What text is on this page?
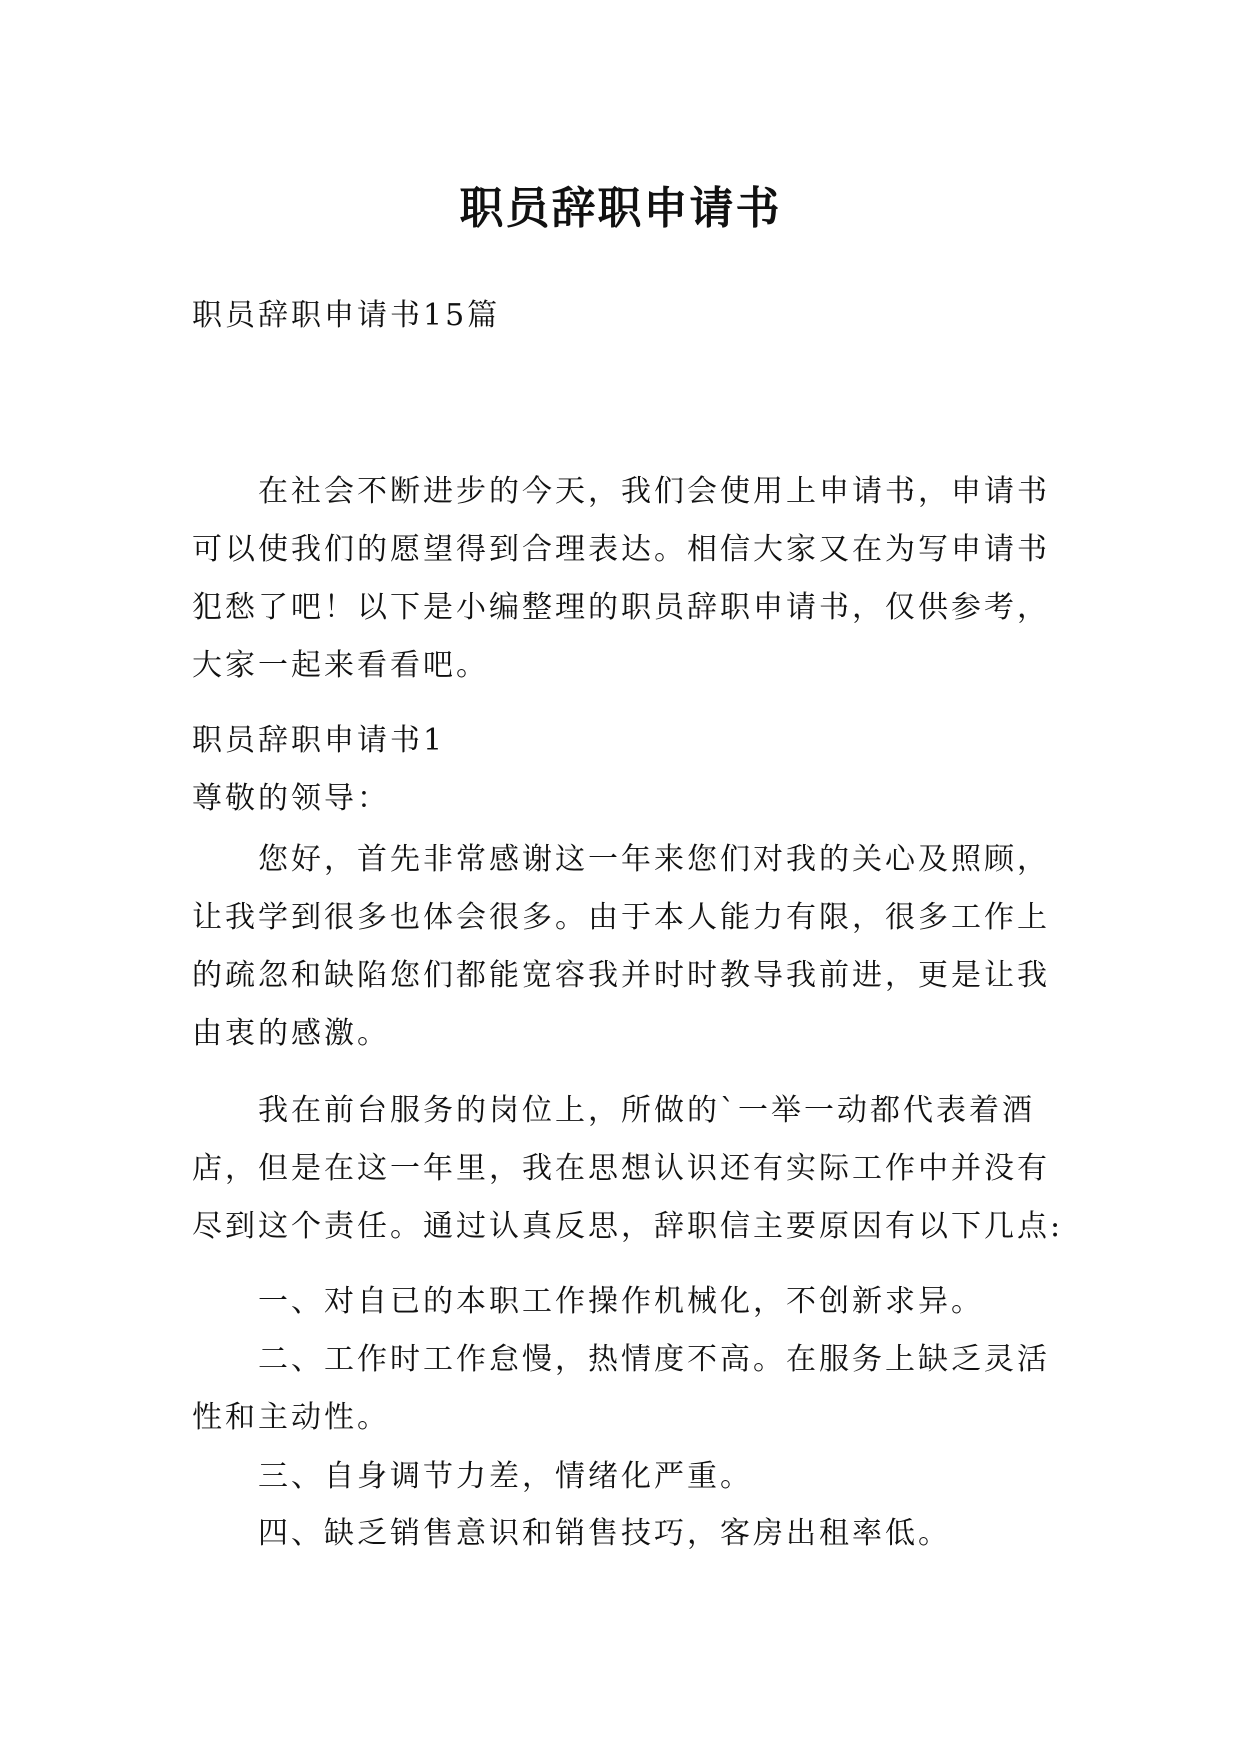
职员辞职申请书

职员辞职申请书15篇

在社会不断进步的今天，我们会使用上申请书，申请书可以使我们的愿望得到合理表达。相信大家又在为写申请书犯愁了吧！以下是小编整理的职员辞职申请书，仅供参考，大家一起来看看吧。

职员辞职申请书1

尊敬的领导：

您好，首先非常感谢这一年来您们对我的关心及照顾，让我学到很多也体会很多。由于本人能力有限，很多工作上的疏忽和缺陷您们都能宽容我并时时教导我前进，更是让我由衷的感激。

我在前台服务的岗位上，所做的`一举一动都代表着酒店，但是在这一年里，我在思想认识还有实际工作中并没有尽到这个责任。通过认真反思，辞职信主要原因有以下几点:

一、对自已的本职工作操作机械化，不创新求异。

二、工作时工作怠慢，热情度不高。在服务上缺乏灵活性和主动性。

三、自身调节力差，情绪化严重。

四、缺乏销售意识和销售技巧，客房出租率低。
